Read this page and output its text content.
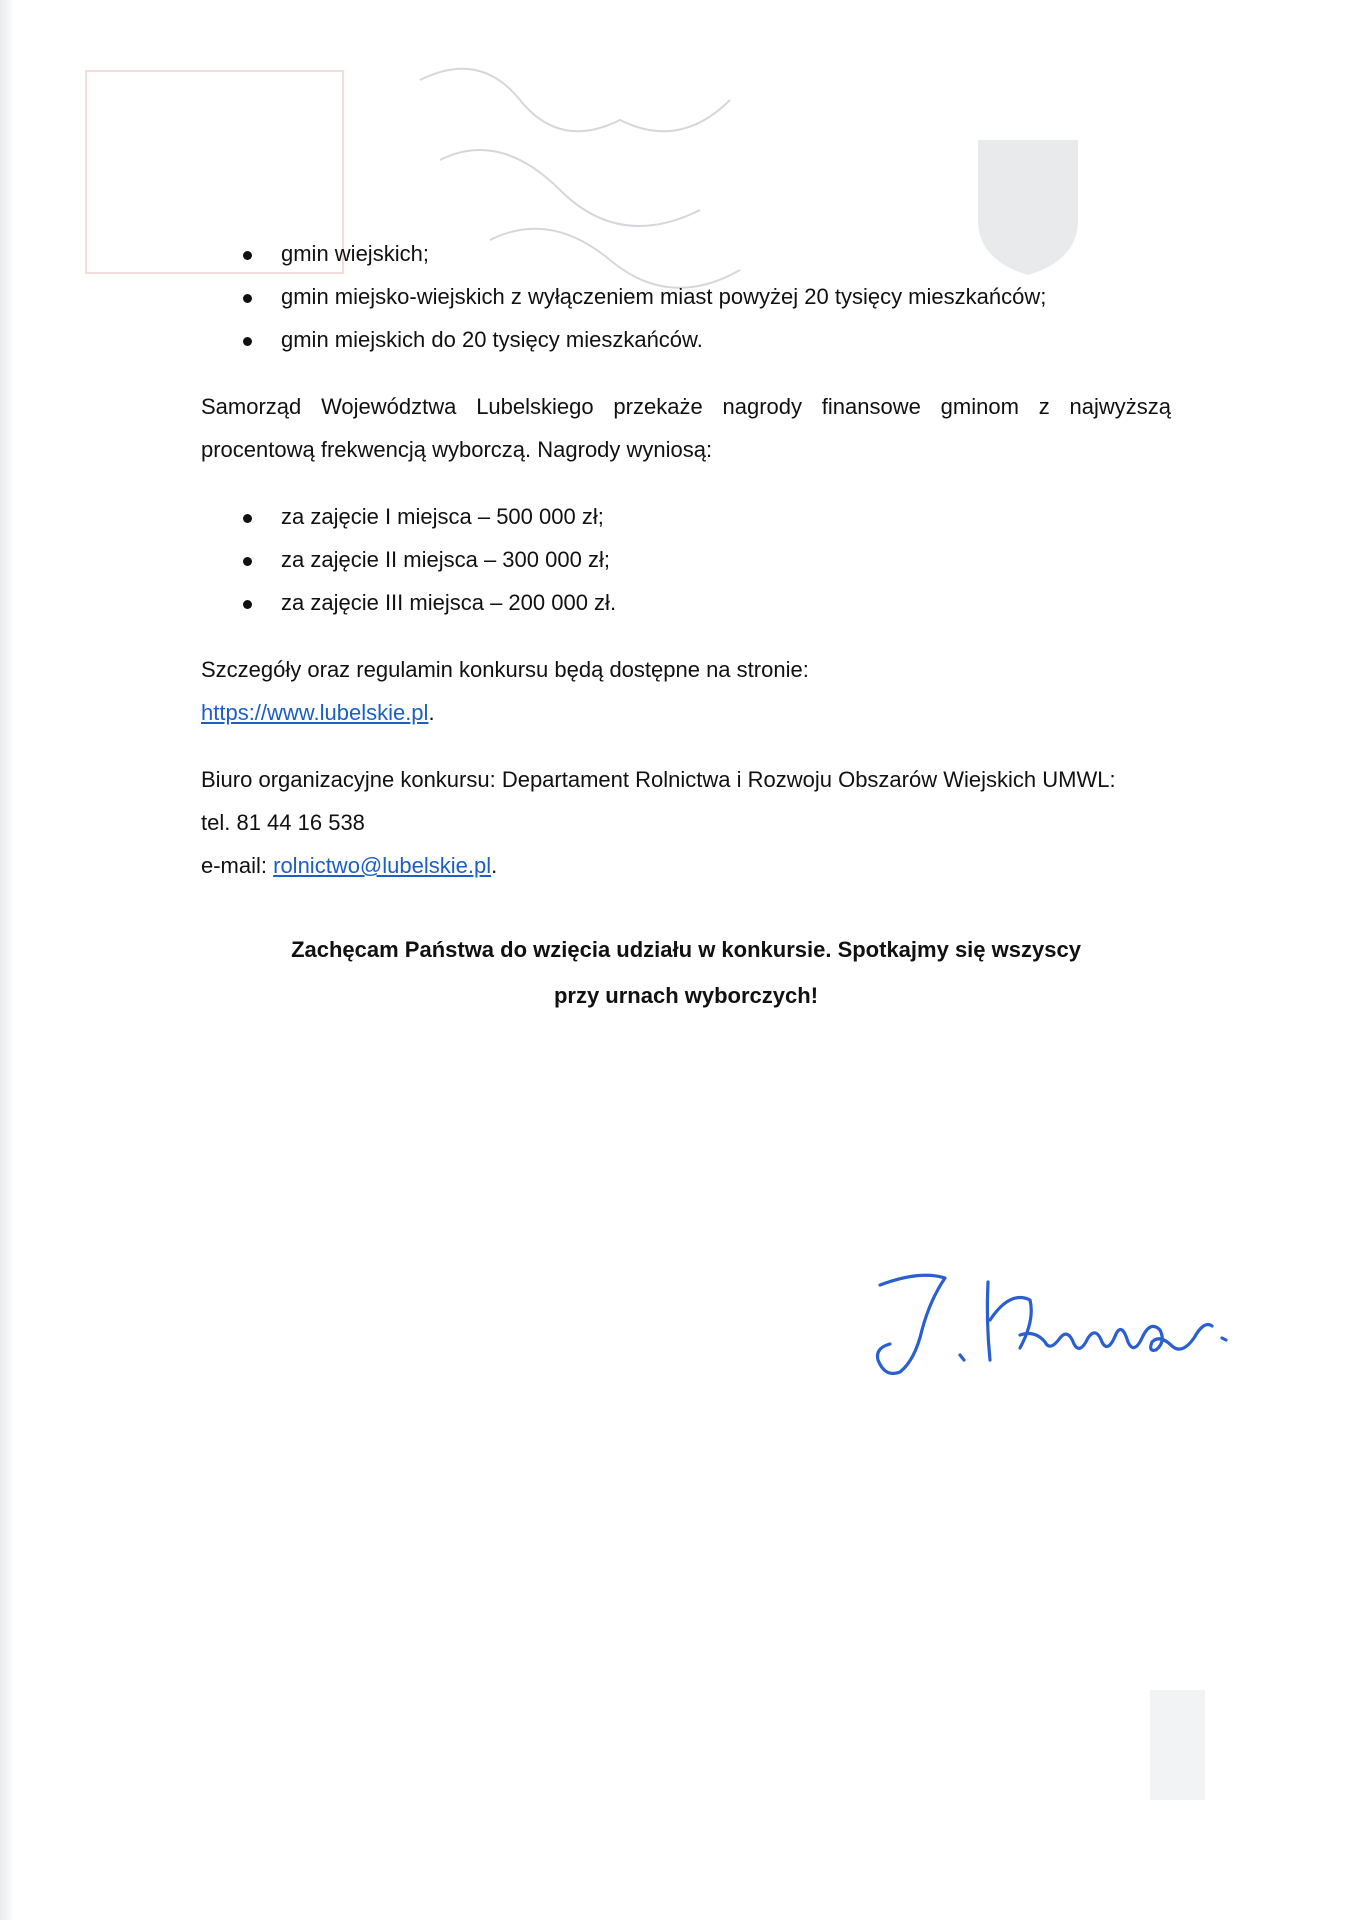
gmin wiejskich;
gmin miejsko-wiejskich z wyłączeniem miast powyżej 20 tysięcy mieszkańców;
gmin miejskich do 20 tysięcy mieszkańców.

Samorząd Województwa Lubelskiego przekaże nagrody finansowe gminom z najwyższą procentową frekwencją wyborczą. Nagrody wyniosą:

za zajęcie I miejsca – 500 000 zł;
za zajęcie II miejsca – 300 000 zł;
za zajęcie III miejsca – 200 000 zł.

Szczegóły oraz regulamin konkursu będą dostępne na stronie:
https://www.lubelskie.pl.

Biuro organizacyjne konkursu: Departament Rolnictwa i Rozwoju Obszarów Wiejskich UMWL:
tel. 81 44 16 538
e-mail: rolnictwo@lubelskie.pl.

Zachęcam Państwa do wzięcia udziału w konkursie. Spotkajmy się wszyscy
przy urnach wyborczych!
